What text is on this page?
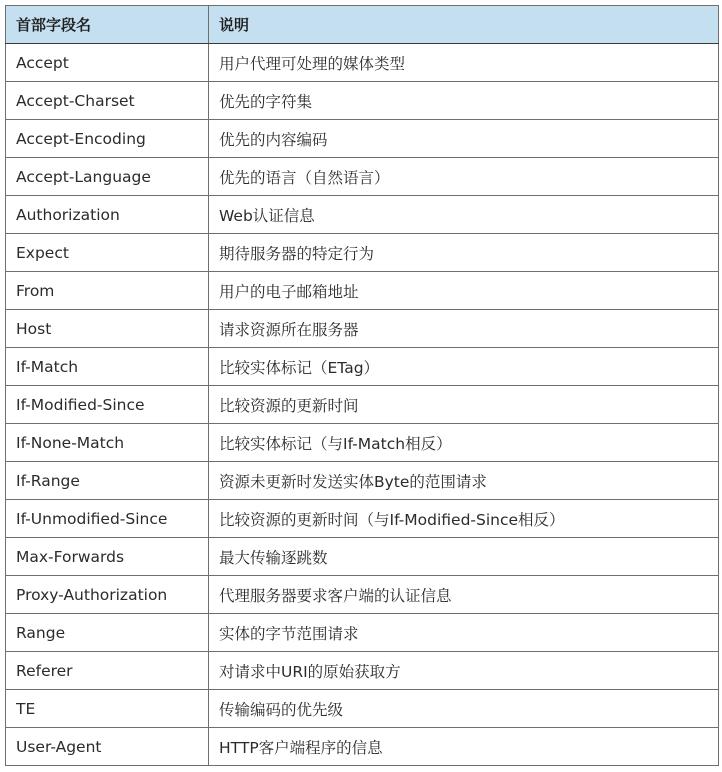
首部字段名	说明
Accept	用户代理可处理的媒体类型
Accept-Charset	优先的字符集
Accept-Encoding	优先的内容编码
Accept-Language	优先的语言（自然语言）
Authorization	Web认证信息
Expect	期待服务器的特定行为
From	用户的电子邮箱地址
Host	请求资源所在服务器
If-Match	比较实体标记（ETag）
If-Modified-Since	比较资源的更新时间
If-None-Match	比较实体标记（与If-Match相反）
If-Range	资源未更新时发送实体Byte的范围请求
If-Unmodified-Since	比较资源的更新时间（与If-Modified-Since相反）
Max-Forwards	最大传输逐跳数
Proxy-Authorization	代理服务器要求客户端的认证信息
Range	实体的字节范围请求
Referer	对请求中URI的原始获取方
TE	传输编码的优先级
User-Agent	HTTP客户端程序的信息
